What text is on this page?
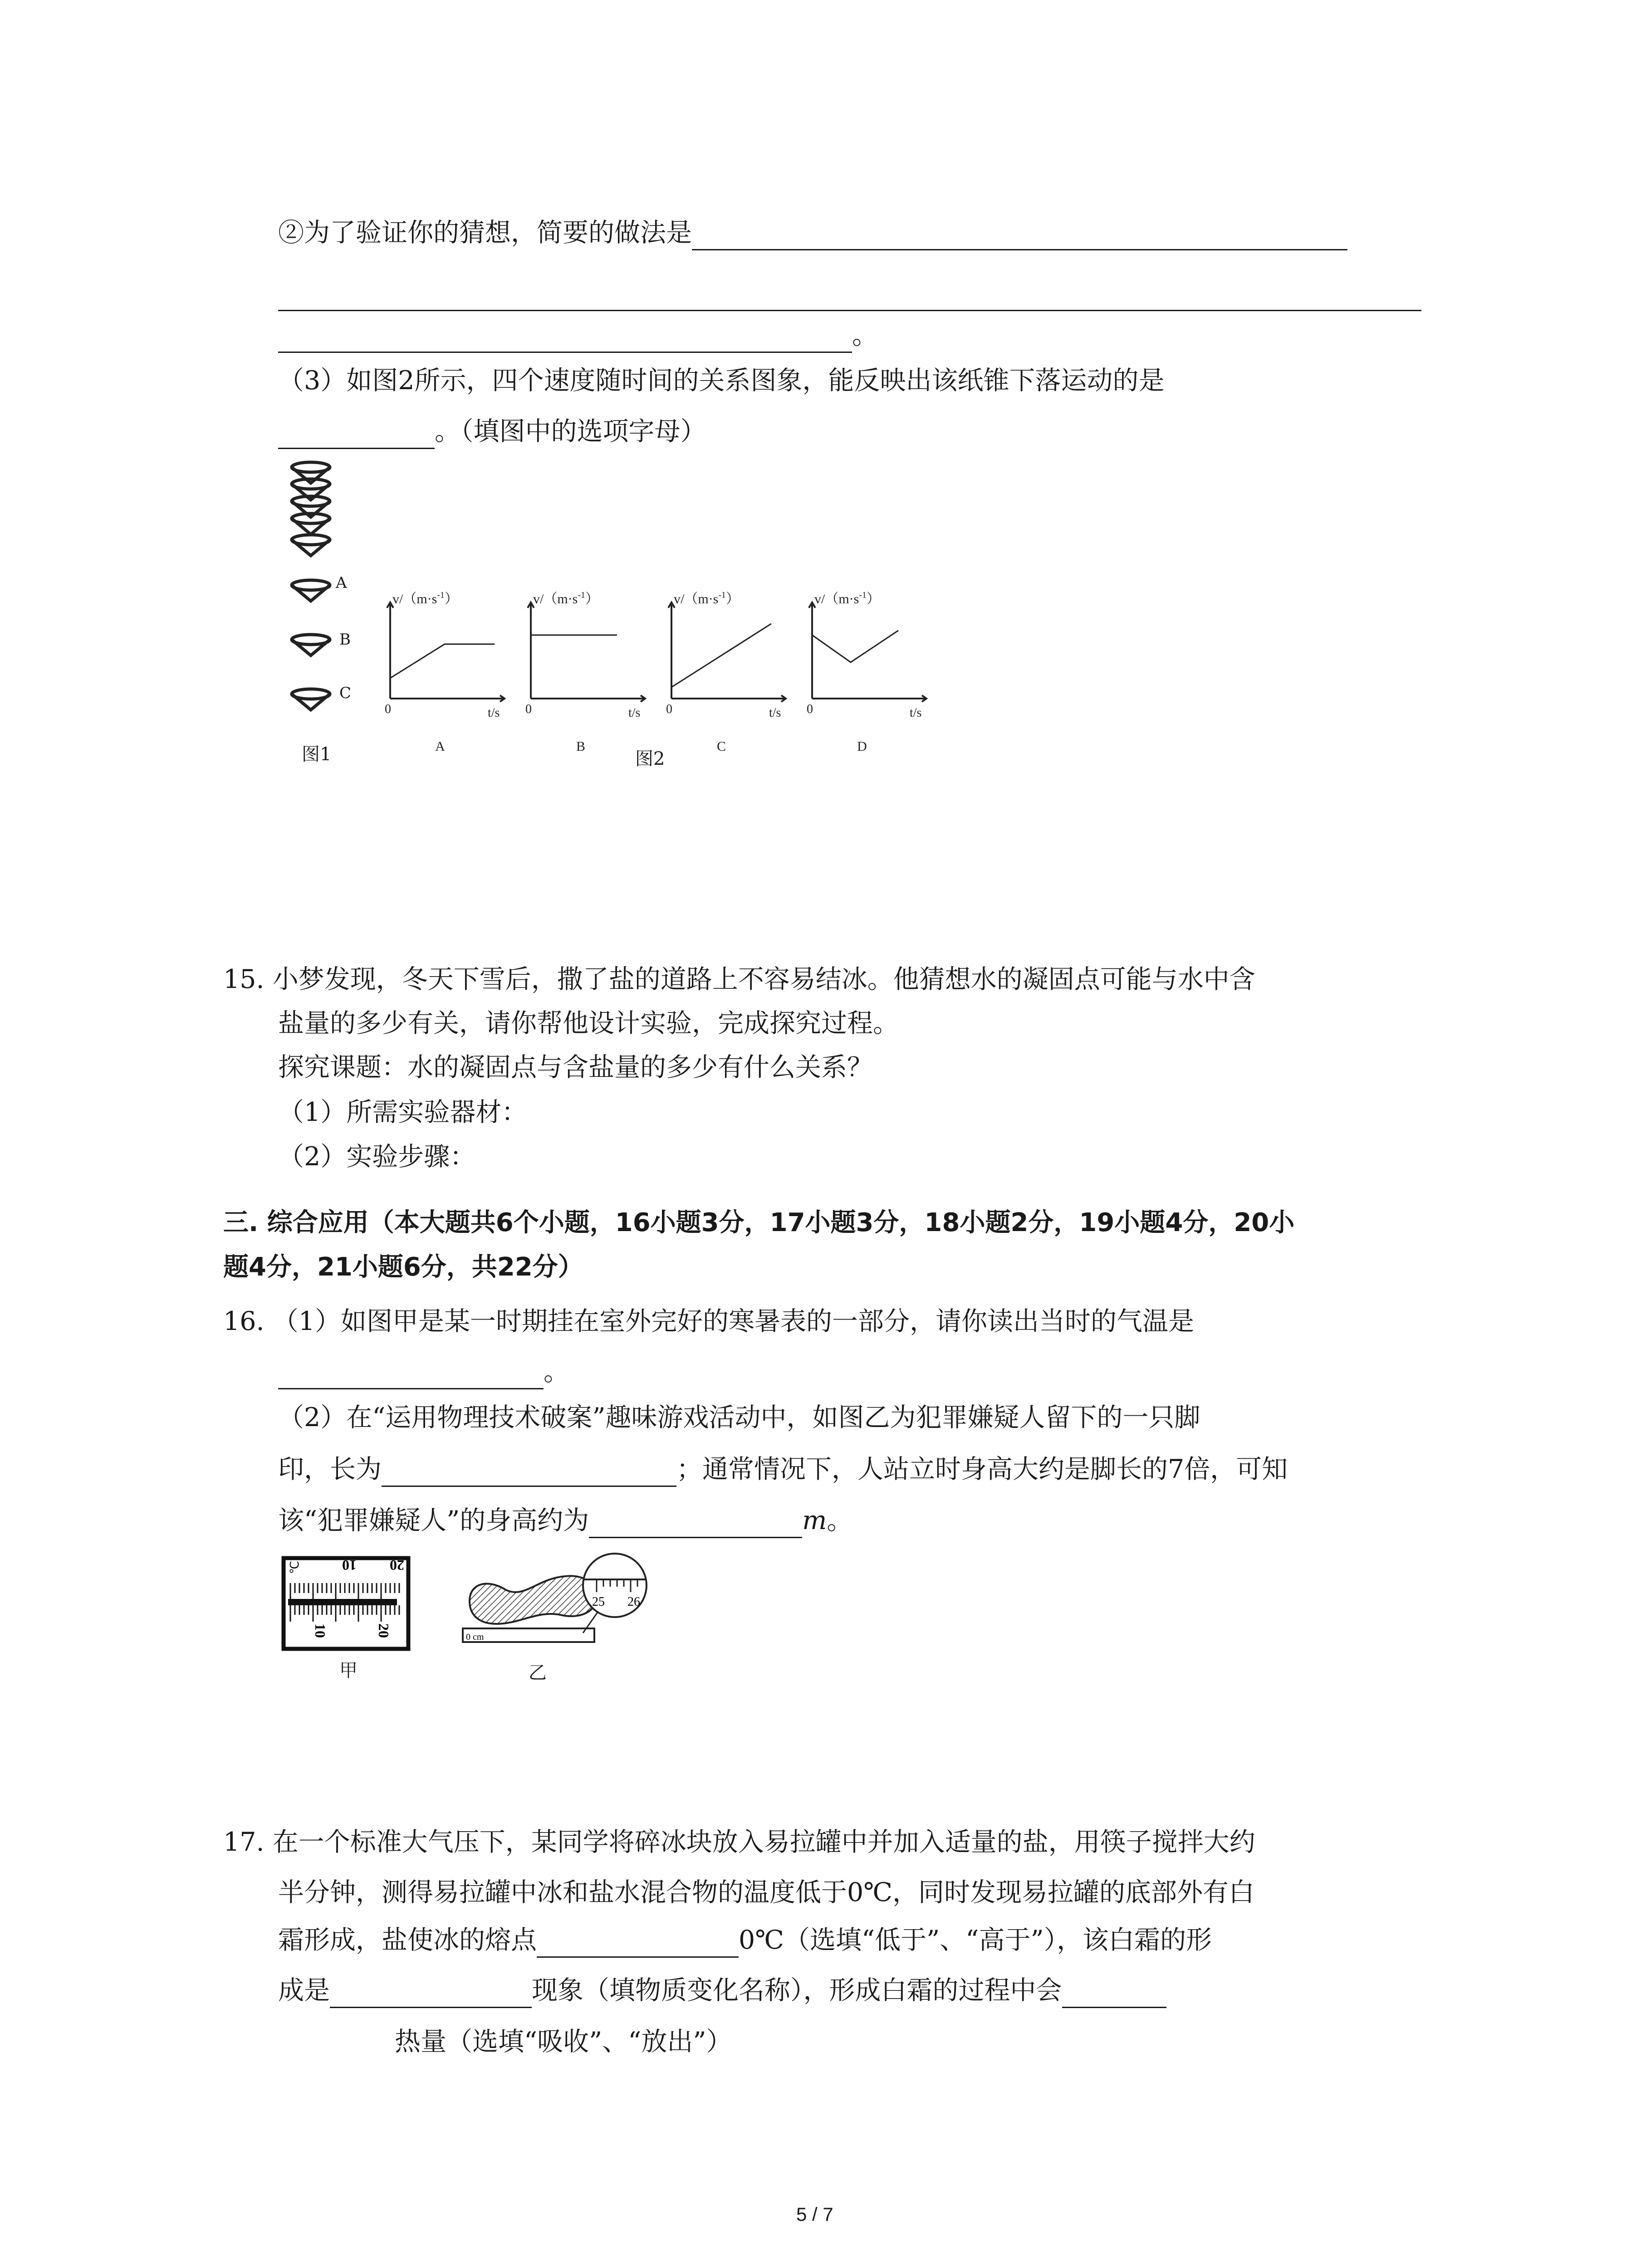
②为了验证你的猜想，简要的做法是
。
（3）如图2所示，四个速度随时间的关系图象，能反映出该纸锥下落运动的是
。（填图中的选项字母）
A
B
C
图1
$v/(m\cdot s^{-1})$
0	t/s
A
$v/(m\cdot s^{-1})$
0	t/s
B
$v/(m\cdot s^{-1})$
0	t/s
C
$v/(m\cdot s^{-1})$
0	t/s
D
图2
15. 小梦发现，冬天下雪后，撒了盐的道路上不容易结冰。他猜想水的凝固点可能与水中含
盐量的多少有关，请你帮他设计实验，完成探究过程。
探究课题：水的凝固点与含盐量的多少有什么关系？
（1）所需实验器材：
（2）实验步骤：
三. 综合应用（本大题共6个小题，16小题3分，17小题3分，18小题2分，19小题4分，20小
题4分，21小题6分，共22分）
16. （1）如图甲是某一时期挂在室外完好的寒暑表的一部分，请你读出当时的气温是
。
（2）在“运用物理技术破案”趣味游戏活动中，如图乙为犯罪嫌疑人留下的一只脚
印，长为	；通常情况下，人站立时身高大约是脚长的7倍，可知
该“犯罪嫌疑人”的身高约为	m。
℃	10 20
10	20
甲
0 cm
25 26
乙
17. 在一个标准大气压下，某同学将碎冰块放入易拉罐中并加入适量的盐，用筷子搅拌大约
半分钟，测得易拉罐中冰和盐水混合物的温度低于0℃，同时发现易拉罐的底部外有白
霜形成，盐使冰的熔点	0℃（选填“低于”、“高于”），该白霜的形
成是	现象（填物质变化名称），形成白霜的过程中会
热量（选填“吸收”、“放出”）
5 / 7
